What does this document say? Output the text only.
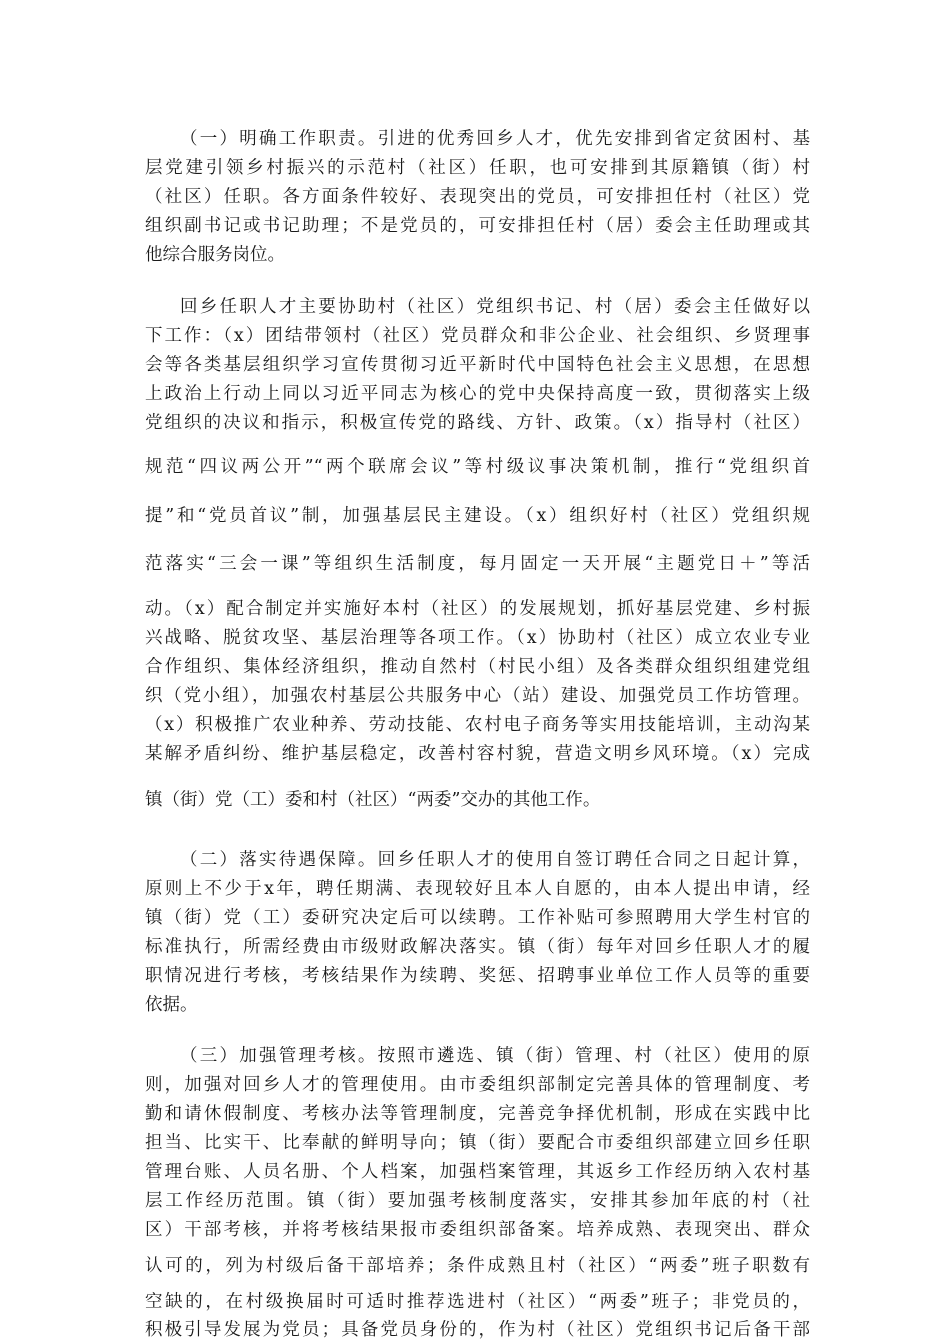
（一）明确工作职责。引进的优秀回乡人才，优先安排到省定贫困村、基
层党建引领乡村振兴的示范村（社区）任职，也可安排到其原籍镇（街）村
（社区）任职。各方面条件较好、表现突出的党员，可安排担任村（社区）党
组织副书记或书记助理；不是党员的，可安排担任村（居）委会主任助理或其
他综合服务岗位。
回乡任职人才主要协助村（社区）党组织书记、村（居）委会主任做好以
下工作：（x）团结带领村（社区）党员群众和非公企业、社会组织、乡贤理事
会等各类基层组织学习宣传贯彻习近平新时代中国特色社会主义思想，在思想
上政治上行动上同以习近平同志为核心的党中央保持高度一致，贯彻落实上级
党组织的决议和指示，积极宣传党的路线、方针、政策。（x）指导村（社区）
规范“四议两公开”“两个联席会议”等村级议事决策机制，推行“党组织首
提”和“党员首议”制，加强基层民主建设。（x）组织好村（社区）党组织规
范落实“三会一课”等组织生活制度，每月固定一天开展“主题党日＋”等活
动。（x）配合制定并实施好本村（社区）的发展规划，抓好基层党建、乡村振
兴战略、脱贫攻坚、基层治理等各项工作。（x）协助村（社区）成立农业专业
合作组织、集体经济组织，推动自然村（村民小组）及各类群众组织组建党组
织（党小组），加强农村基层公共服务中心（站）建设、加强党员工作坊管理。
（x）积极推广农业种养、劳动技能、农村电子商务等实用技能培训，主动沟某
某解矛盾纠纷、维护基层稳定，改善村容村貌，营造文明乡风环境。（x）完成
镇（街）党（工）委和村（社区）“两委”交办的其他工作。
（二）落实待遇保障。回乡任职人才的使用自签订聘任合同之日起计算，
原则上不少于x年，聘任期满、表现较好且本人自愿的，由本人提出申请，经
镇（街）党（工）委研究决定后可以续聘。工作补贴可参照聘用大学生村官的
标准执行，所需经费由市级财政解决落实。镇（街）每年对回乡任职人才的履
职情况进行考核，考核结果作为续聘、奖惩、招聘事业单位工作人员等的重要
依据。
（三）加强管理考核。按照市遴选、镇（街）管理、村（社区）使用的原
则，加强对回乡人才的管理使用。由市委组织部制定完善具体的管理制度、考
勤和请休假制度、考核办法等管理制度，完善竞争择优机制，形成在实践中比
担当、比实干、比奉献的鲜明导向；镇（街）要配合市委组织部建立回乡任职
管理台账、人员名册、个人档案，加强档案管理，其返乡工作经历纳入农村基
层工作经历范围。镇（街）要加强考核制度落实，安排其参加年底的村（社
区）干部考核，并将考核结果报市委组织部备案。培养成熟、表现突出、群众
认可的，列为村级后备干部培养；条件成熟且村（社区）“两委”班子职数有
空缺的，在村级换届时可适时推荐选进村（社区）“两委”班子；非党员的，
积极引导发展为党员；具备党员身份的，作为村（社区）党组织书记后备干部
